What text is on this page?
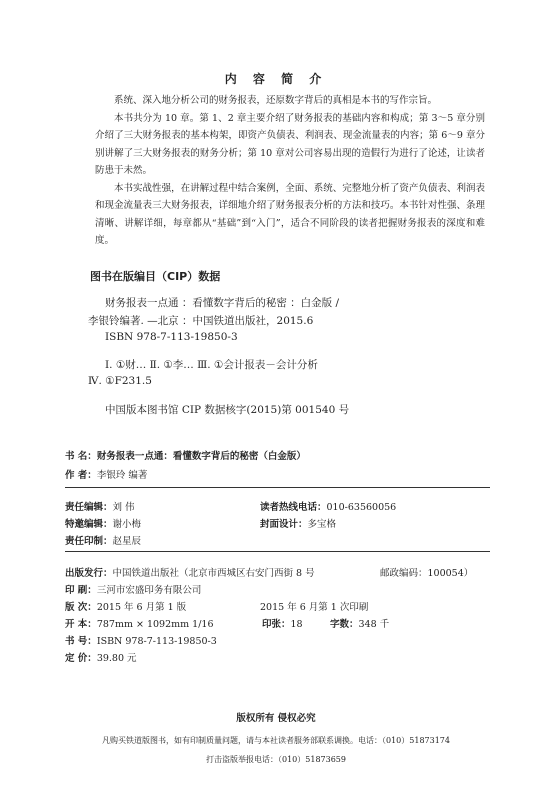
内 容 简 介

系统、深入地分析公司的财务报表，还原数字背后的真相是本书的写作宗旨。

本书共分为 10 章。第 1、2 章主要介绍了财务报表的基础内容和构成；第 3～5 章分别介绍了三大财务报表的基本构架，即资产负债表、利润表、现金流量表的内容；第 6～9 章分别讲解了三大财务报表的财务分析；第 10 章对公司容易出现的造假行为进行了论述，让读者防患于未然。

本书实战性强，在讲解过程中结合案例，全面、系统、完整地分析了资产负债表、利润表和现金流量表三大财务报表，详细地介绍了财务报表分析的方法和技巧。本书针对性强、条理清晰、讲解详细，每章都从“基础”到“入门”，适合不同阶段的读者把握财务报表的深度和难度。

图书在版编目（CIP）数据
财务报表一点通 ：看懂数字背后的秘密 ：白金版 /
李银铃编著. —北京 ：中国铁道出版社，2015.6
ISBN 978-7-113-19850-3
Ⅰ. ①财… Ⅱ. ①李… Ⅲ. ①会计报表－会计分析
Ⅳ. ①F231.5
中国版本图书馆 CIP 数据核字(2015)第 001540 号
书 名：财务报表一点通：看懂数字背后的秘密（白金版）
作 者：李银玲 编著
责任编辑：刘 伟	读者热线电话：010-63560056
特邀编辑：谢小梅	封面设计：多宝格
责任印制：赵星辰
出版发行：中国铁道出版社（北京市西城区右安门西街 8 号	邮政编码：100054）
印 刷：三河市宏盛印务有限公司
版 次：2015 年 6 月第 1 版	2015 年 6 月第 1 次印刷
开 本：787mm × 1092mm 1/16	印张：18	字数：348 千
书 号：ISBN 978-7-113-19850-3
定 价：39.80 元
版权所有 侵权必究
凡购买铁道版图书，如有印制质量问题，请与本社读者服务部联系调换。电话：（010）51873174
打击盗版举报电话：（010）51873659
